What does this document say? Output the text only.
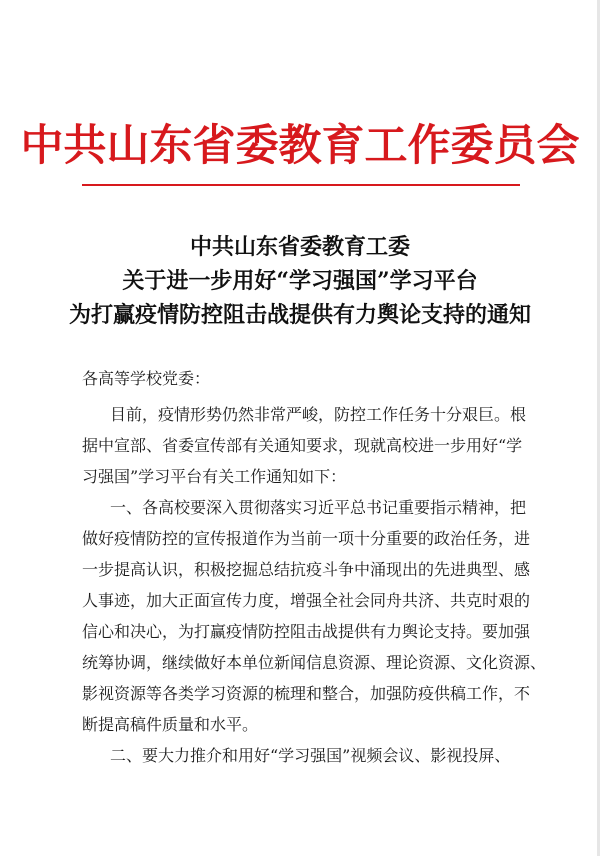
中共山东省委教育工作委员会
中共山东省委教育工委
关于进一步用好“学习强国”学习平台
为打赢疫情防控阻击战提供有力舆论支持的通知
各高等学校党委：
目前，疫情形势仍然非常严峻，防控工作任务十分艰巨。根
据中宣部、省委宣传部有关通知要求，现就高校进一步用好“学
习强国”学习平台有关工作通知如下：
一、各高校要深入贯彻落实习近平总书记重要指示精神，把
做好疫情防控的宣传报道作为当前一项十分重要的政治任务，进
一步提高认识，积极挖掘总结抗疫斗争中涌现出的先进典型、感
人事迹，加大正面宣传力度，增强全社会同舟共济、共克时艰的
信心和决心，为打赢疫情防控阻击战提供有力舆论支持。要加强
统筹协调，继续做好本单位新闻信息资源、理论资源、文化资源、
影视资源等各类学习资源的梳理和整合，加强防疫供稿工作，不
断提高稿件质量和水平。
二、要大力推介和用好“学习强国”视频会议、影视投屏、
